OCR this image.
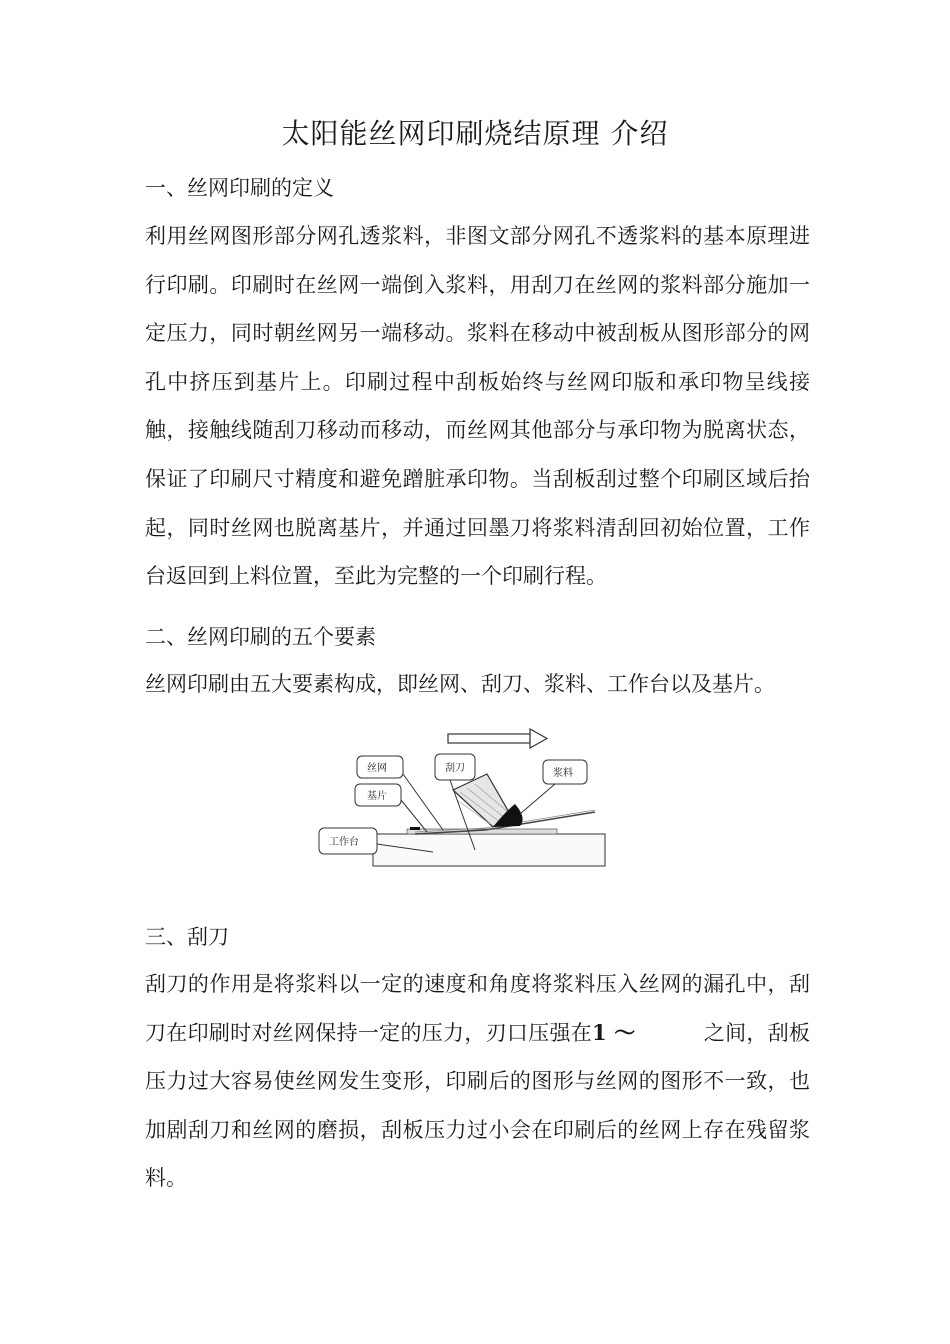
太阳能丝网印刷烧结原理 介绍
一、丝网印刷的定义

利用丝网图形部分网孔透浆料，非图文部分网孔不透浆料的基本原理进行印刷。印刷时在丝网一端倒入浆料，用刮刀在丝网的浆料部分施加一定压力，同时朝丝网另一端移动。浆料在移动中被刮板从图形部分的网孔中挤压到基片上。印刷过程中刮板始终与丝网印版和承印物呈线接触，接触线随刮刀移动而移动，而丝网其他部分与承印物为脱离状态，保证了印刷尺寸精度和避免蹭脏承印物。当刮板刮过整个印刷区域后抬起，同时丝网也脱离基片，并通过回墨刀将浆料清刮回初始位置，工作台返回到上料位置，至此为完整的一个印刷行程。

二、丝网印刷的五个要素

丝网印刷由五大要素构成，即丝网、刮刀、浆料、工作台以及基片。

丝网	刮刀	浆料
基片
工作台
三、刮刀

刮刀的作用是将浆料以一定的速度和角度将浆料压入丝网的漏孔中，刮刀在印刷时对丝网保持一定的压力，刃口压强在1 ～	之间，刮板压力过大容易使丝网发生变形，印刷后的图形与丝网的图形不一致，也加剧刮刀和丝网的磨损，刮板压力过小会在印刷后的丝网上存在残留浆料。
